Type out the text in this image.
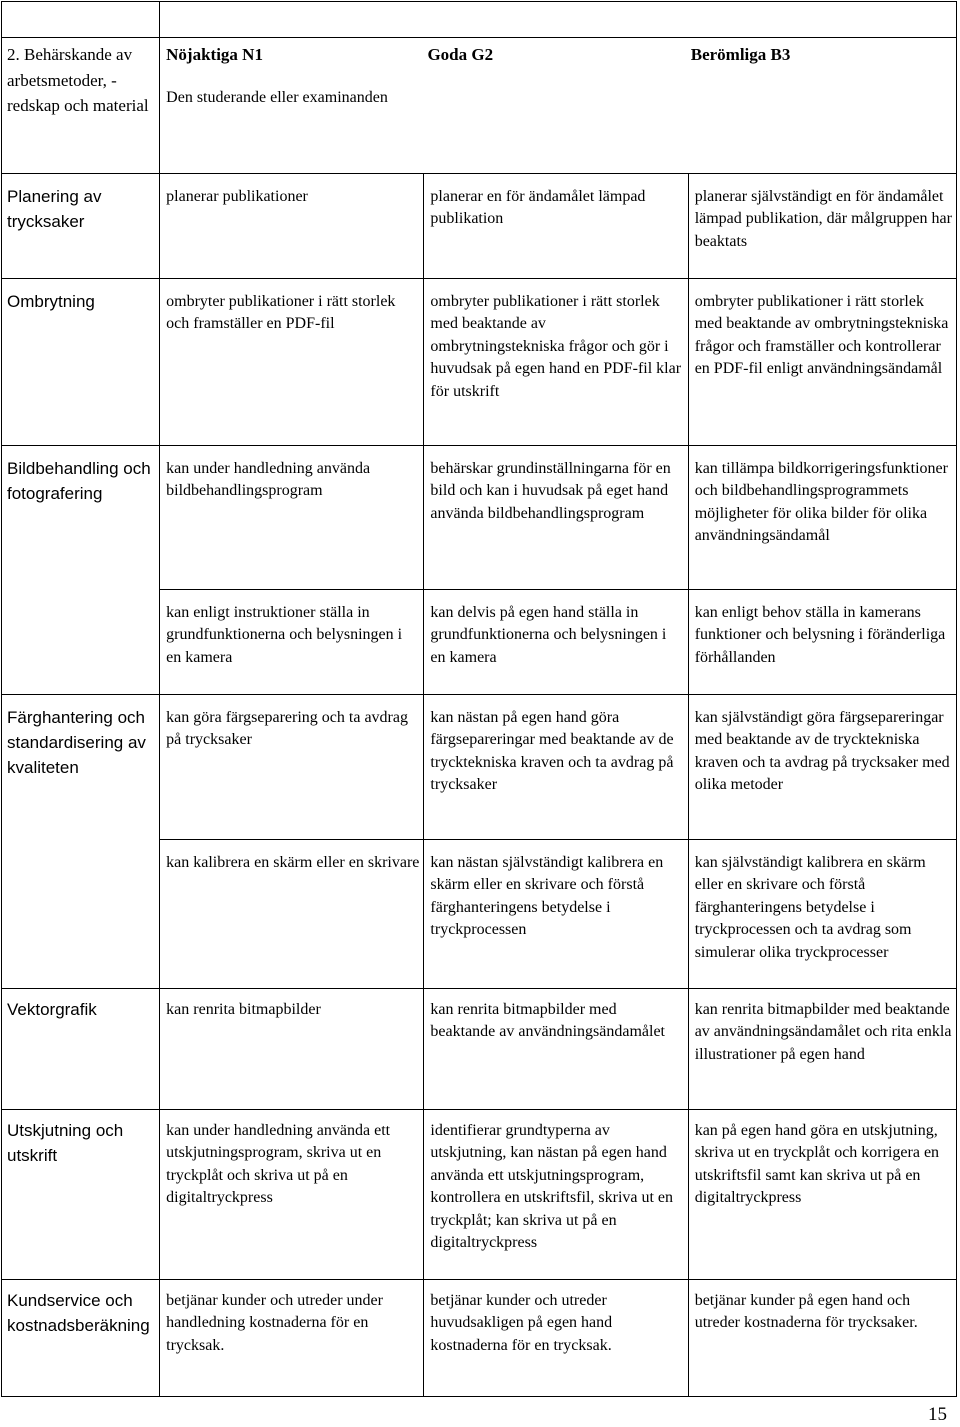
2. Behärskande av arbetsmetoder, -redskap och material	Nöjaktiga N1 Goda G2 Berömliga B3
Den studerande eller examinanden		

Planering av trycksaker	planerar publikationer	planerar en för ändamålet lämpad publikation	planerar självständigt en för ändamålet lämpad publikation, där målgruppen har beaktats

Ombrytning	ombryter publikationer i rätt storlek och framställer en PDF-fil	ombryter publikationer i rätt storlek med beaktande av ombrytningstekniska frågor och gör i huvudsak på egen hand en PDF-fil klar för utskrift	ombryter publikationer i rätt storlek med beaktande av ombrytningstekniska frågor och framställer och kontrollerar en PDF-fil enligt användningsändamål

Bildbehandling och fotografering	kan under handledning använda bildbehandlingsprogram	behärskar grundinställningarna för en bild och kan i huvudsak på eget hand använda bildbehandlingsprogram	kan tillämpa bildkorrigeringsfunktioner och bildbehandlingsprogrammets möjligheter för olika bilder för olika användningsändamål

	kan enligt instruktioner ställa in grundfunktionerna och belysningen i en kamera	kan delvis på egen hand ställa in grundfunktionerna och belysningen i en kamera	kan enligt behov ställa in kamerans funktioner och belysning i föränderliga förhållanden

Färghantering och standardisering av kvaliteten	kan göra färgseparering och ta avdrag på trycksaker	kan nästan på egen hand göra färgsepareringar med beaktande av de trycktekniska kraven och ta avdrag på trycksaker	kan självständigt göra färgsepareringar med beaktande av de trycktekniska kraven och ta avdrag på trycksaker med olika metoder

	kan kalibrera en skärm eller en skrivare	kan nästan självständigt kalibrera en skärm eller en skrivare och förstå färghanteringens betydelse i tryckprocessen	kan självständigt kalibrera en skärm eller en skrivare och förstå färghanteringens betydelse i tryckprocessen och ta avdrag som simulerar olika tryckprocesser

Vektorgrafik	kan renrita bitmapbilder	kan renrita bitmapbilder med beaktande av användningsändamålet	kan renrita bitmapbilder med beaktande av användningsändamålet och rita enkla illustrationer på egen hand

Utskjutning och utskrift	kan under handledning använda ett utskjutningsprogram, skriva ut en tryckplåt och skriva ut på en digitaltryckpress	identifierar grundtyperna av utskjutning, kan nästan på egen hand använda ett utskjutningsprogram, kontrollera en utskriftsfil, skriva ut en tryckplåt; kan skriva ut på en digitaltryckpress	kan på egen hand göra en utskjutning, skriva ut en tryckplåt och korrigera en utskriftsfil samt kan skriva ut på en digitaltryckpress

Kundservice och kostnadsberäkning	betjänar kunder och utreder under handledning kostnaderna för en trycksak.	betjänar kunder och utreder huvudsakligen på egen hand kostnaderna för en trycksak.	betjänar kunder på egen hand och utreder kostnaderna för trycksaker.
15
